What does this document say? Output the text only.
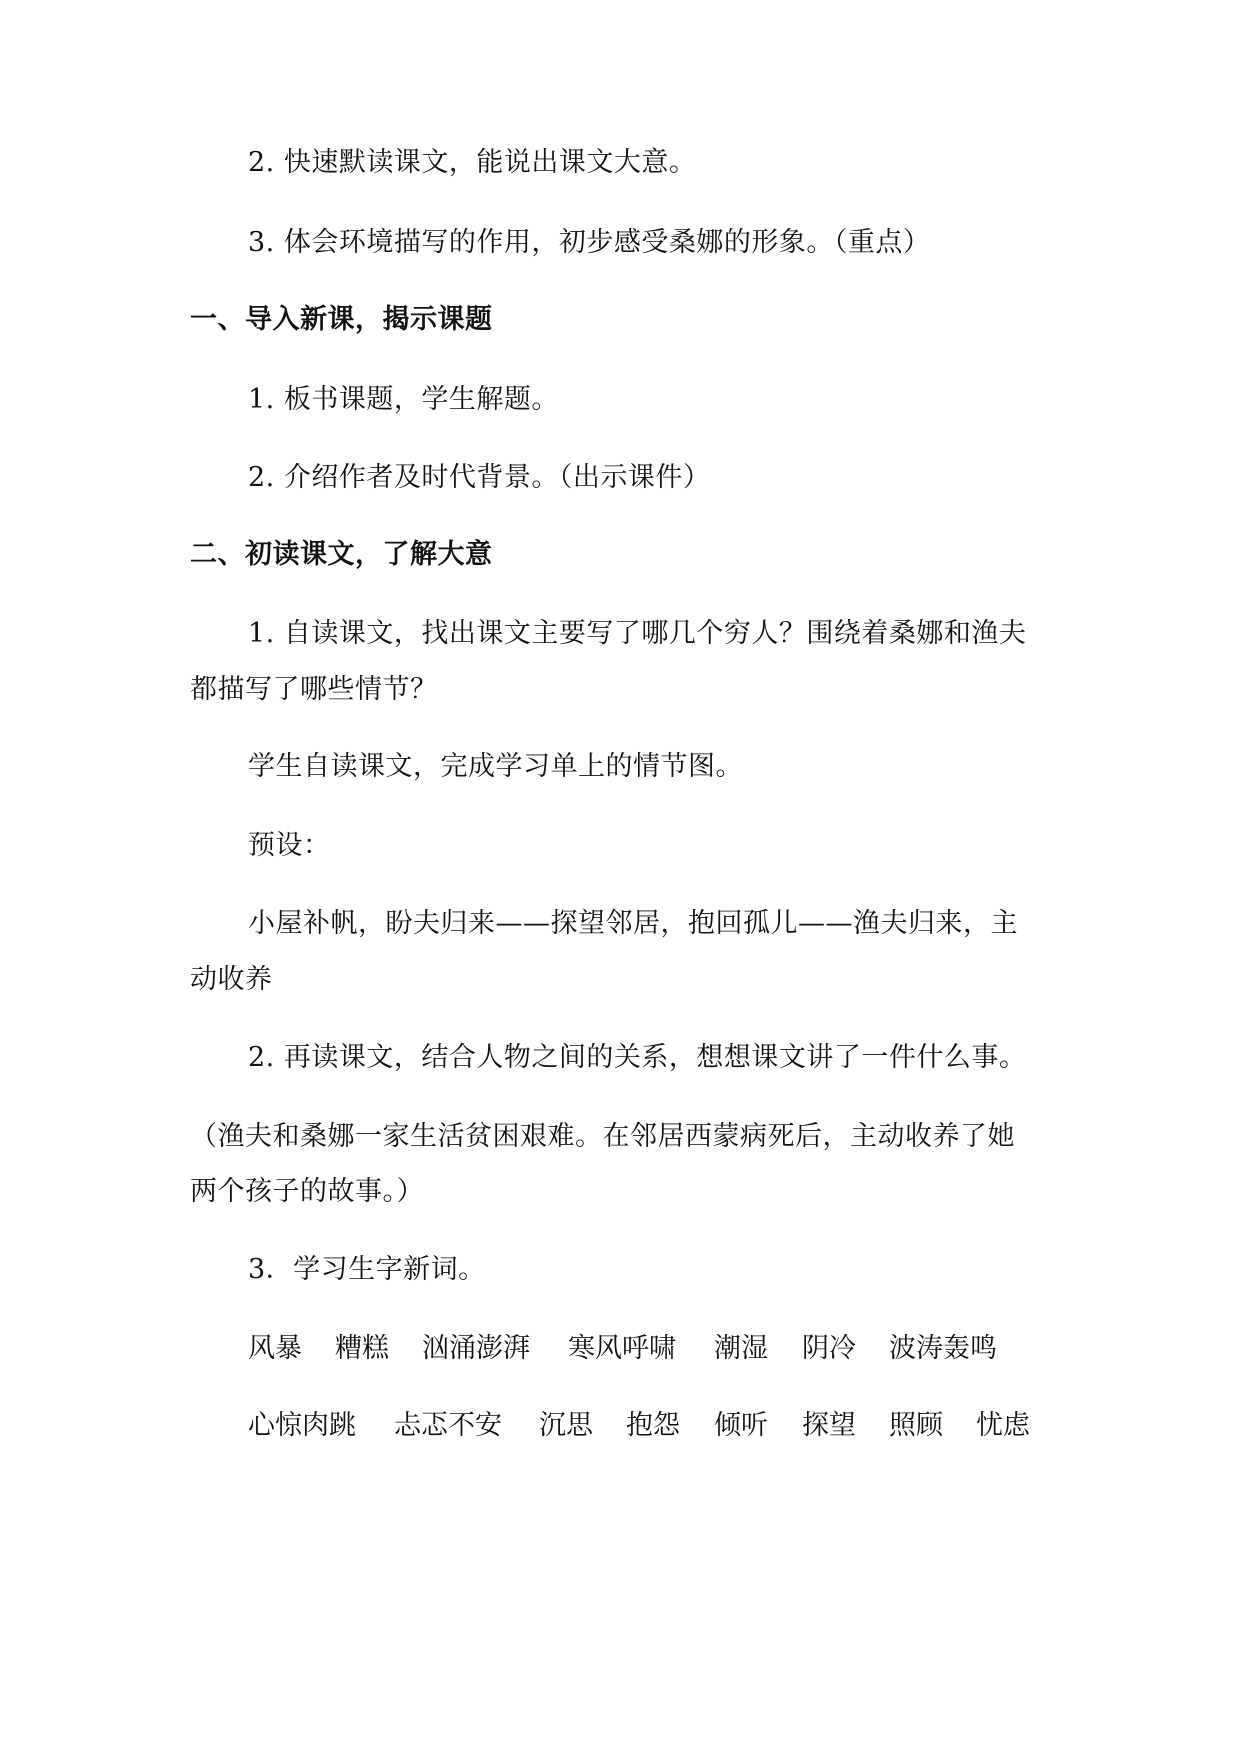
2. 快速默读课文，能说出课文大意。
3. 体会环境描写的作用，初步感受桑娜的形象。（重点）
一、导入新课，揭示课题
1. 板书课题，学生解题。
2. 介绍作者及时代背景。（出示课件）
二、初读课文，了解大意
1. 自读课文，找出课文主要写了哪几个穷人？围绕着桑娜和渔夫
都描写了哪些情节？
学生自读课文，完成学习单上的情节图。
预设：
小屋补帆，盼夫归来——探望邻居，抱回孤儿——渔夫归来，主
动收养
2. 再读课文，结合人物之间的关系，想想课文讲了一件什么事。
（渔夫和桑娜一家生活贫困艰难。在邻居西蒙病死后，主动收养了她
两个孩子的故事。）
3．学习生字新词。
风暴 糟糕 汹涌澎湃 寒风呼啸 潮湿 阴冷 波涛轰鸣
心惊肉跳 忐忑不安 沉思 抱怨 倾听 探望 照顾 忧虑
